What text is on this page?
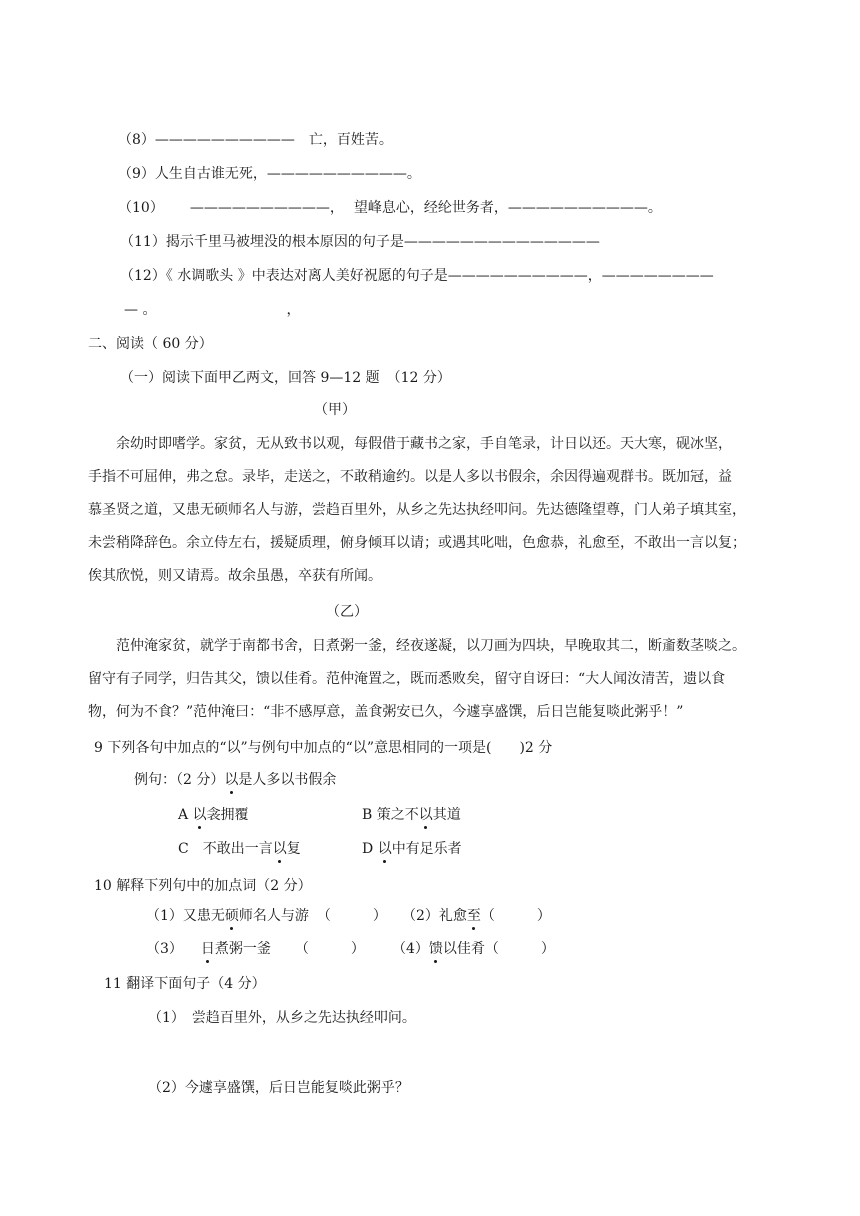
（8）—————————— 亡，百姓苦。
（9）人生自古谁无死，——————————。
（10） ——————————， 望峰息心，经纶世务者，——————————。
（11）揭示千里马被埋没的根本原因的句子是——————————————
（12）《 水调歌头 》中表达对离人美好祝愿的句子是——————————，————————
— 。	，
二、阅读（ 60 分）
（一）阅读下面甲乙两文，回答 9—12 题　（12 分）
（甲）
余幼时即嗜学。家贫，无从致书以观，每假借于藏书之家，手自笔录，计日以还。天大寒，砚冰坚，
手指不可屈伸，弗之怠。录毕，走送之，不敢稍逾约。以是人多以书假余，余因得遍观群书。既加冠，益
慕圣贤之道，又患无硕师名人与游，尝趋百里外，从乡之先达执经叩问。先达德隆望尊，门人弟子填其室，
未尝稍降辞色。余立侍左右，援疑质理，俯身倾耳以请；或遇其叱咄，色愈恭，礼愈至，不敢出一言以复；
俟其欣悦，则又请焉。故余虽愚，卒获有所闻。
（乙）
范仲淹家贫，就学于南都书舍，日煮粥一釜，经夜遂凝，以刀画为四块，早晚取其二，断齑数茎啖之。
留守有子同学，归告其父，馈以佳肴。范仲淹置之，既而悉败矣，留守自讶曰：“大人闻汝清苦，遗以食
物，何为不食？”范仲淹曰：“非不感厚意，盖食粥安已久，今遽享盛馔，后日岂能复啖此粥乎！”
9 下列各句中加点的“以”与例句中加点的“以”意思相同的一项是(　　)2 分
例句：（2 分）以是人多以书假余
A 以衾拥覆	B 策之不以其道
C　不敢出一言以复	D 以中有足乐者
10 解释下列句中的加点词（2 分）
（1）又患无硕师名人与游 （　　　） （2）礼愈至（　　　）
（3） 日煮粥一釜 （　　　） （4）馈以佳肴（　　　）
11 翻译下面句子（4 分）
（1）　尝趋百里外，从乡之先达执经叩问。
（2）今遽享盛馔，后日岂能复啖此粥乎？
